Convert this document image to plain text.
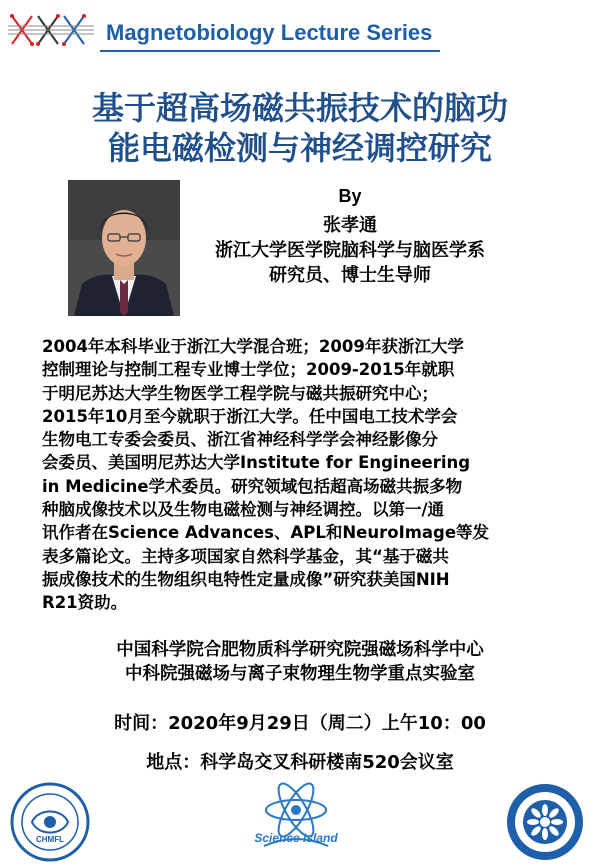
Magnetobiology Lecture Series
基于超高场磁共振技术的脑功
能电磁检测与神经调控研究
By
张孝通
浙江大学医学院脑科学与脑医学系
研究员、博士生导师
2004年本科毕业于浙江大学混合班；2009年获浙江大学
控制理论与控制工程专业博士学位；2009-2015年就职
于明尼苏达大学生物医学工程学院与磁共振研究中心；
2015年10月至今就职于浙江大学。任中国电工技术学会
生物电工专委会委员、浙江省神经科学学会神经影像分
会委员、美国明尼苏达大学Institute for Engineering
in Medicine学术委员。研究领域包括超高场磁共振多物
种脑成像技术以及生物电磁检测与神经调控。以第一/通
讯作者在Science Advances、APL和NeuroImage等发
表多篇论文。主持多项国家自然科学基金，其“基于磁共
振成像技术的生物组织电特性定量成像”研究获美国NIH
R21资助。
中国科学院合肥物质科学研究院强磁场科学中心
中科院强磁场与离子束物理生物学重点实验室
时间：2020年9月29日（周二）上午10：00
地点：科学岛交叉科研楼南520会议室
CHMFL	Science Island
